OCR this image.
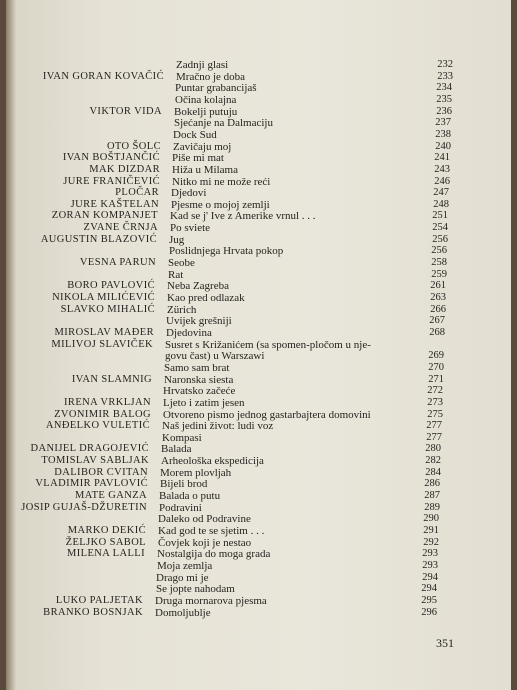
Zadnji glasi	232
IVAN GORAN KOVAČIĆ Mračno je doba	233
Puntar grabancijaš	234
Očina kolajna	235
VIKTOR VIDA Bokelji putuju	236
Sjećanje na Dalmaciju	237
Dock Sud	238
OTO ŠOLC Zavičaju moj	240
IVAN BOŠTJANČIĆ Piše mi mat	241
MAK DIZDAR Hiža u Milama	243
JURE FRANIČEVIĆ Nitko mi ne može reći	246
PLOČAR Djedovi	247
JURE KAŠTELAN Pjesme o mojoj zemlji	248
ZORAN KOMPANJET Kad se j' Ive z Amerike vrnul . . .	251
ZVANE ČRNJA Po sviete	254
AUGUSTIN BLAZOVIĆ Jug	256
Poslidnjega Hrvata pokop	256
VESNA PARUN Seobe	258
Rat	259
BORO PAVLOVIĆ Neba Zagreba	261
NIKOLA MILIĆEVIĆ Kao pred odlazak	263
SLAVKO MIHALIĆ Zürich	266
Uvijek grešniji	267
MIROSLAV MAĐER Djedovina	268
MILIVOJ SLAVIČEK Susret s Križanićem (sa spomen-pločom u nje-
govu čast) u Warszawi	269
Samo sam brat	270
IVAN SLAMNIG Naronska siesta	271
Hrvatsko začeće	272
IRENA VRKLJAN Ljeto i zatim jesen	273
ZVONIMIR BALOG Otvoreno pismo jednog gastarbajtera domovini	275
ANĐELKO VULETIĆ Naš jedini život: ludi voz	277
Kompasi	277
DANIJEL DRAGOJEVIĆ Balada	280
TOMISLAV SABLJAK Arheološka ekspedicija	282
DALIBOR CVITAN Morem plovljah	284
VLADIMIR PAVLOVIĆ Bijeli brod	286
MATE GANZA Balada o putu	287
JOSIP GUJAŠ-DŽURETIN Podravini	289
Daleko od Podravine	290
MARKO DEKIĆ Kad god te se sjetim . . .	291
ŽELJKO SABOL Čovjek koji je nestao	292
MILENA LALLI Nostalgija do moga grada	293
Moja zemlja	293
Drago mi je	294
Se jopte nahodam	294
LUKO PALJETAK Druga mornarova pjesma	295
BRANKO BOSNJAK Domoljublje	296
351
